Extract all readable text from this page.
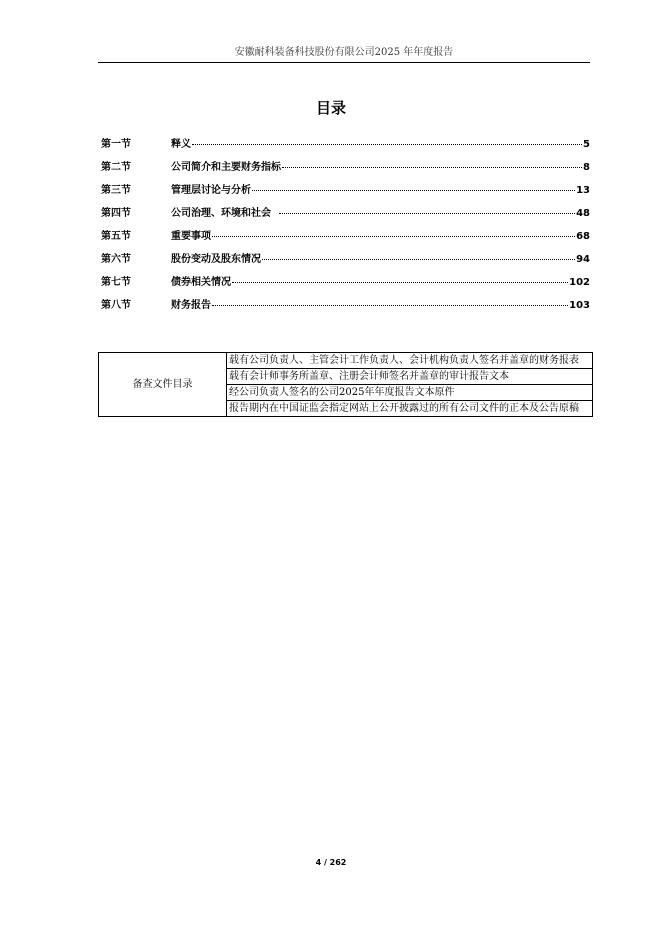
安徽耐科装备科技股份有限公司2025 年年度报告
目录
第一节	释义	5
第二节	公司简介和主要财务指标	8
第三节	管理层讨论与分析	13
第四节	公司治理、环境和社会	48
第五节	重要事项	68
第六节	股份变动及股东情况	94
第七节	债券相关情况	102
第八节	财务报告	103
备查文件目录	载有公司负责人、主管会计工作负责人、会计机构负责人签名并盖章的财务报表
载有会计师事务所盖章、注册会计师签名并盖章的审计报告文本
经公司负责人签名的公司2025年年度报告文本原件
报告期内在中国证监会指定网站上公开披露过的所有公司文件的正本及公告原稿
4 / 262
